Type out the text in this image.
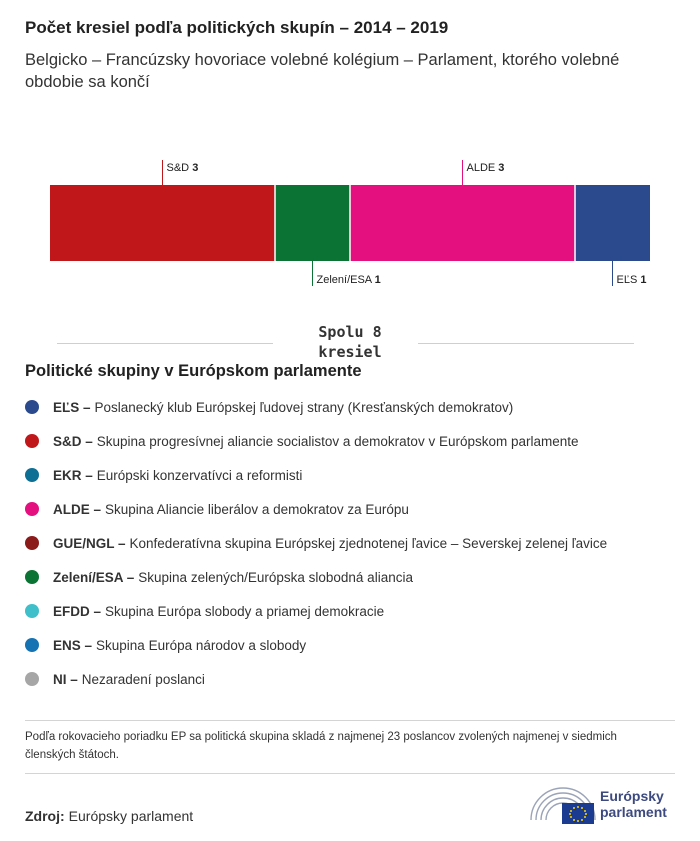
Počet kresiel podľa politických skupín – 2014 – 2019
Belgicko – Francúzsky hovoriace volebné kolégium – Parlament, ktorého volebné obdobie sa končí
S&D 3
Zelení/ESA 1
ALDE 3
EĽS 1
Spolu 8
kresiel
Politické skupiny v Európskom parlamente
EĽS – Poslanecký klub Európskej ľudovej strany (Kresťanských demokratov)
S&D – Skupina progresívnej aliancie socialistov a demokratov v Európskom parlamente
EKR – Európski konzervatívci a reformisti
ALDE – Skupina Aliancie liberálov a demokratov za Európu
GUE/NGL – Konfederatívna skupina Európskej zjednotenej ľavice – Severskej zelenej ľavice
Zelení/ESA – Skupina zelených/Európska slobodná aliancia
EFDD – Skupina Európa slobody a priamej demokracie
ENS – Skupina Európa národov a slobody
NI – Nezaradení poslanci
Podľa rokovacieho poriadku EP sa politická skupina skladá z najmenej 23 poslancov zvolených najmenej v siedmich členských štátoch.
Zdroj: Európsky parlament
Európsky
parlament
